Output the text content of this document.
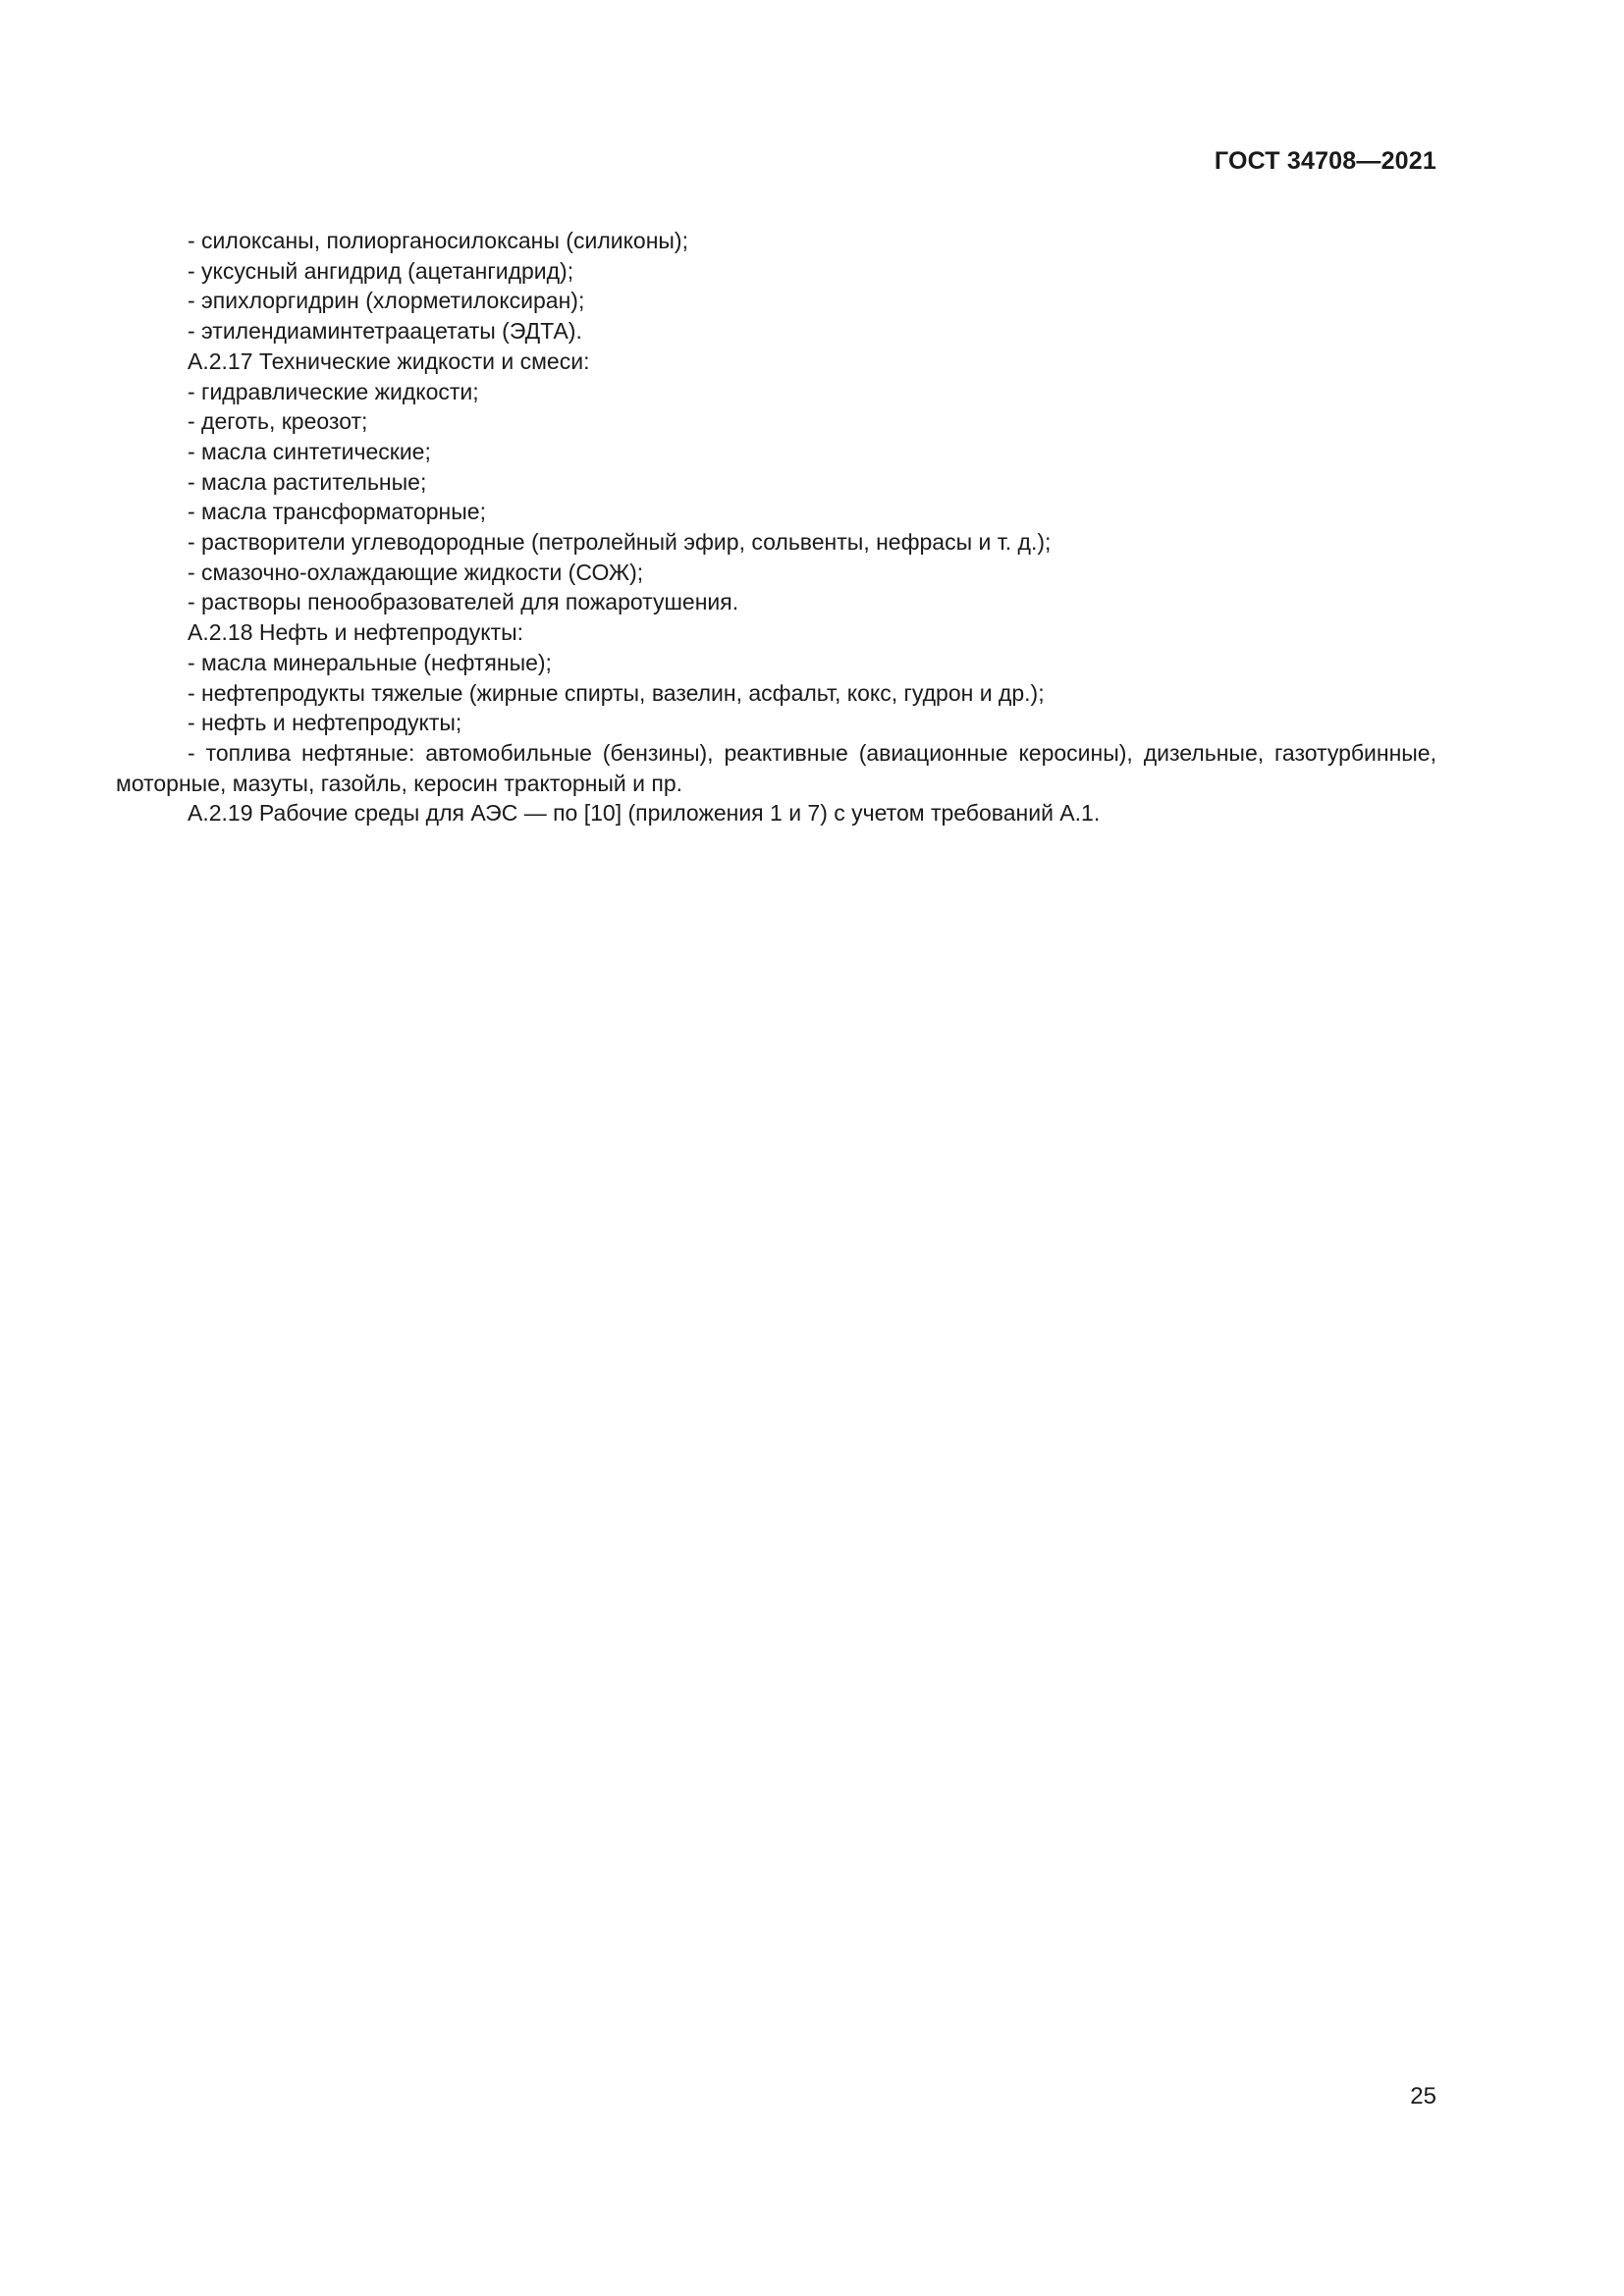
ГОСТ 34708—2021
- силоксаны, полиорганосилоксаны (силиконы);
- уксусный ангидрид (ацетангидрид);
- эпихлоргидрин (хлорметилоксиран);
- этилендиаминтетраацетаты (ЭДТА).
А.2.17 Технические жидкости и смеси:
- гидравлические жидкости;
- деготь, креозот;
- масла синтетические;
- масла растительные;
- масла трансформаторные;
- растворители углеводородные (петролейный эфир, сольвенты, нефрасы и т. д.);
- смазочно-охлаждающие жидкости (СОЖ);
- растворы пенообразователей для пожаротушения.
А.2.18 Нефть и нефтепродукты:
- масла минеральные (нефтяные);
- нефтепродукты тяжелые (жирные спирты, вазелин, асфальт, кокс, гудрон и др.);
- нефть и нефтепродукты;

- топлива нефтяные: автомобильные (бензины), реактивные (авиационные керосины), дизельные, газотурбинные, моторные, мазуты, газойль, керосин тракторный и пр.

А.2.19 Рабочие среды для АЭС — по [10] (приложения 1 и 7) с учетом требований А.1.
25
